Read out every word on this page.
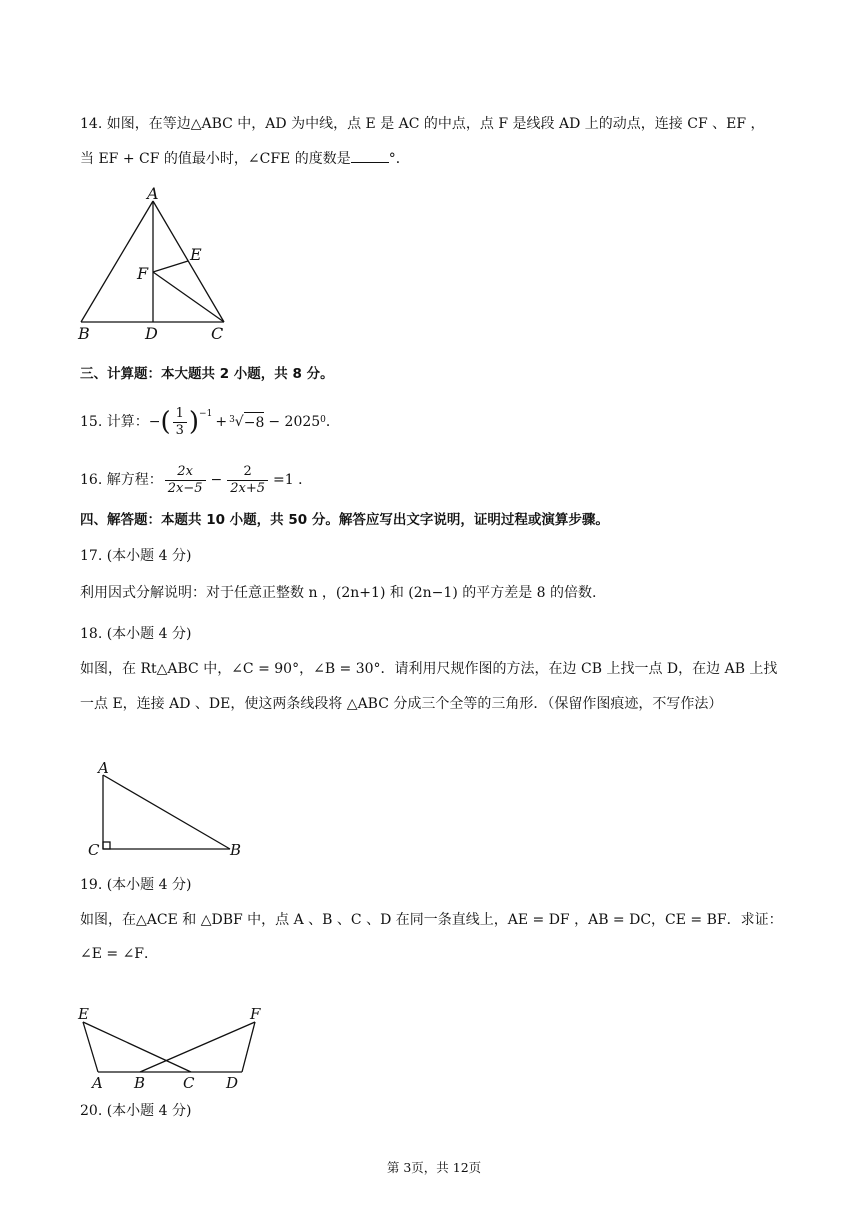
14. 如图，在等边△ABC 中，AD 为中线，点 E 是 AC 的中点，点 F 是线段 AD 上的动点，连接 CF 、EF ，
当 EF + CF 的值最小时，∠CFE 的度数是	°．
A
B	D	C
E
F
三、计算题：本大题共 2 小题，共 8 分。
15. 计算： − ( $\frac{1}{3} )^{-1} + 3$ √ −8 − 2025 0 ．
16. 解方程： $\frac{2x}{2x-5} - \frac{2}{2x+5} =1$ ．
四、解答题：本题共 10 小题，共 50 分。解答应写出文字说明，证明过程或演算步骤。
17. (本小题 4 分)
利用因式分解说明：对于任意正整数 n ，(2n+1) 和 (2n−1) 的平方差是 8 的倍数.
18. (本小题 4 分)
如图，在 Rt△ABC 中，∠C = 90°，∠B = 30°．请利用尺规作图的方法，在边 CB 上找一点 D，在边 AB 上找
一点 E，连接 AD 、DE，使这两条线段将 △ABC 分成三个全等的三角形．（保留作图痕迹，不写作法）
A
C	B
19. (本小题 4 分)
如图，在△ACE 和 △DBF 中，点 A 、B 、C 、D 在同一条直线上，AE = DF ，AB = DC，CE = BF．求证：
∠E = ∠F．
E	F
A B	C D
20. (本小题 4 分)
第 3页，共 12页
